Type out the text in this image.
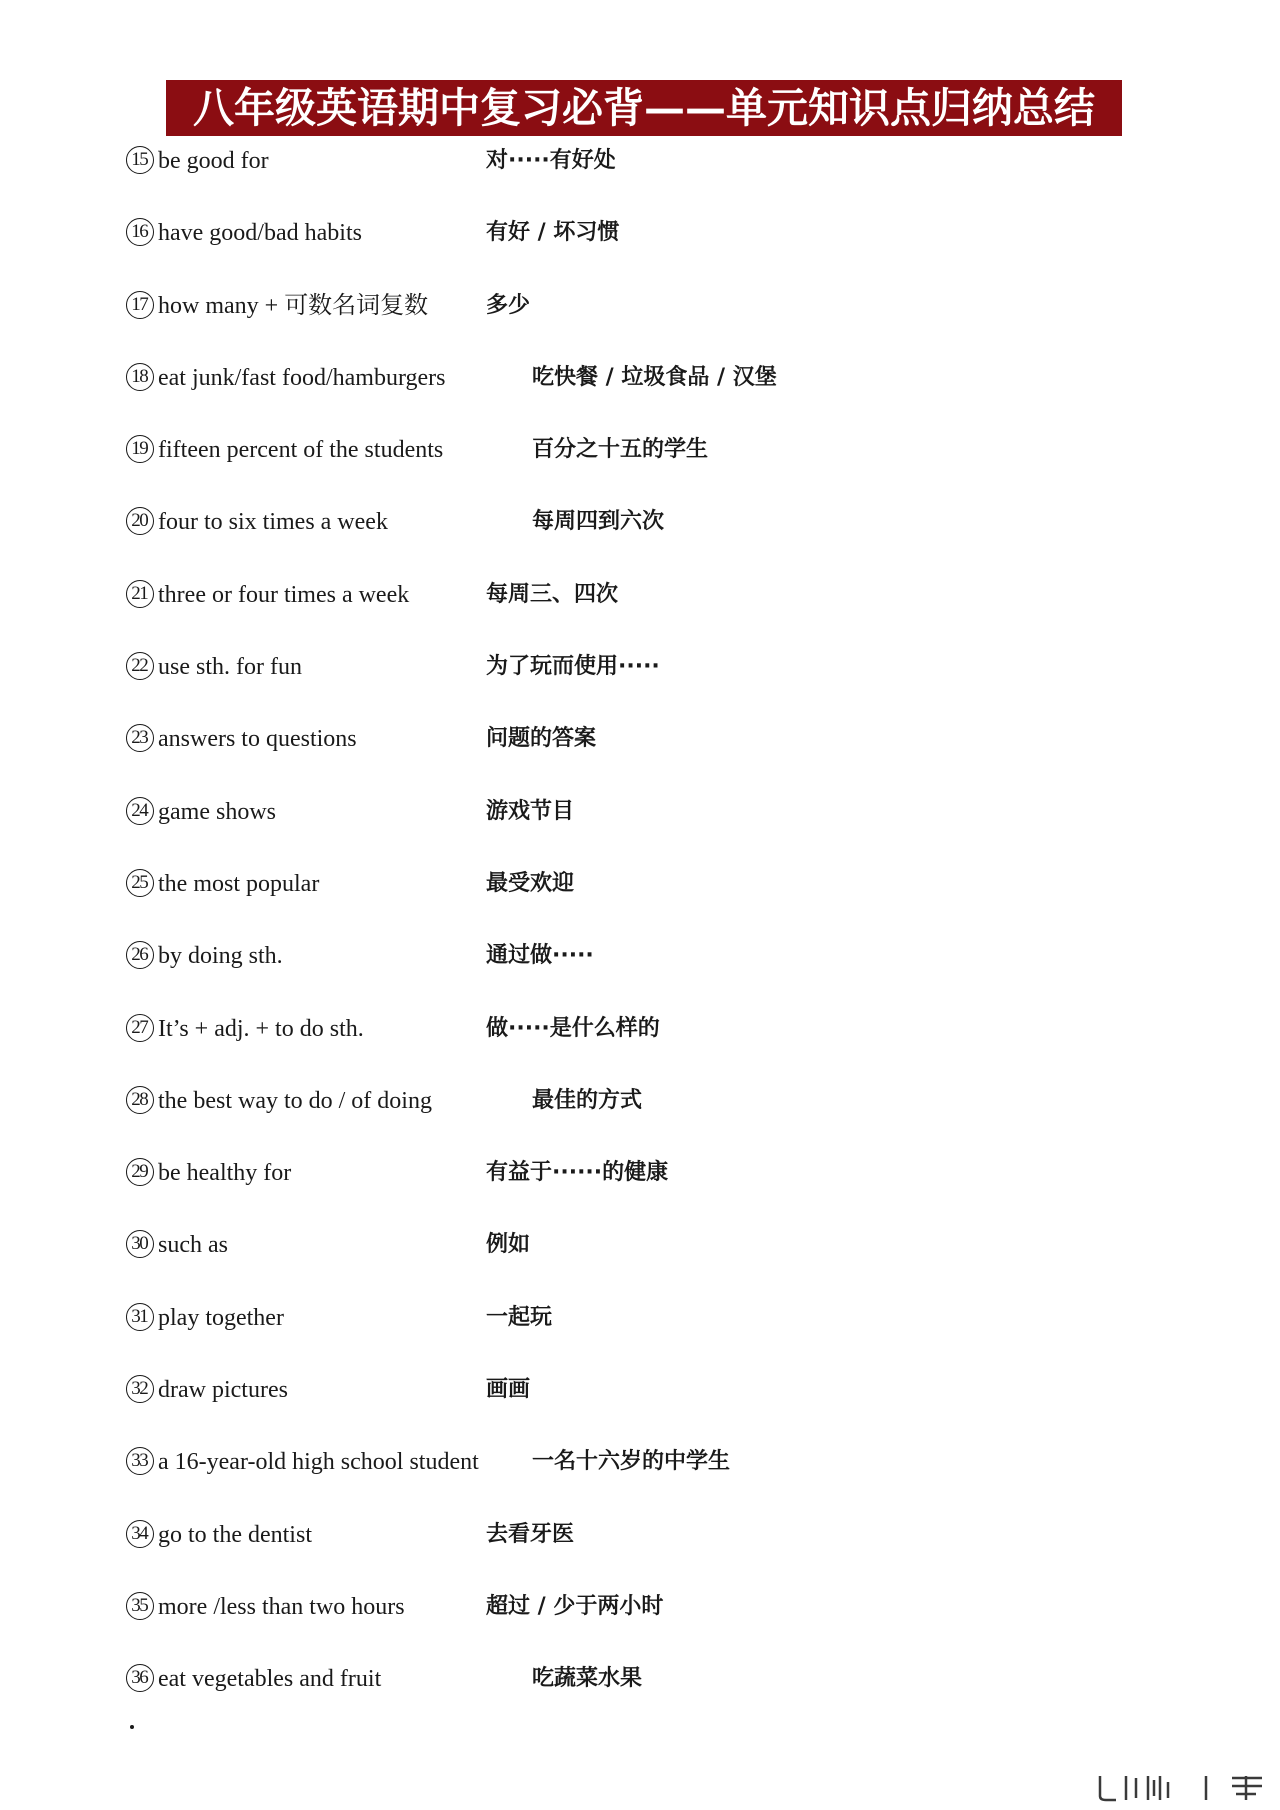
八年级英语期中复习必背——单元知识点归纳总结
15 be good for	对·····有好处
16 have good/bad habits	有好 / 坏习惯
17 how many + 可数名词复数	多少
18 eat junk/fast food/hamburgers	吃快餐 / 垃圾食品 / 汉堡
19 fifteen percent of the students	百分之十五的学生
20 four to six times a week	每周四到六次
21 three or four times a week	每周三、四次
22 use sth. for fun	为了玩而使用·····
23 answers to questions	问题的答案
24 game shows	游戏节目
25 the most popular	最受欢迎
26 by doing sth.	通过做·····
27 It’s + adj. + to do sth.	做·····是什么样的
28 the best way to do / of doing	最佳的方式
29 be healthy for	有益于······的健康
30 such as	例如
31 play together	一起玩
32 draw pictures	画画
33 a 16-year-old high school student 一名十六岁的中学生
34 go to the dentist	去看牙医
35 more /less than two hours	超过 / 少于两小时
36 eat vegetables and fruit	吃蔬菜水果
